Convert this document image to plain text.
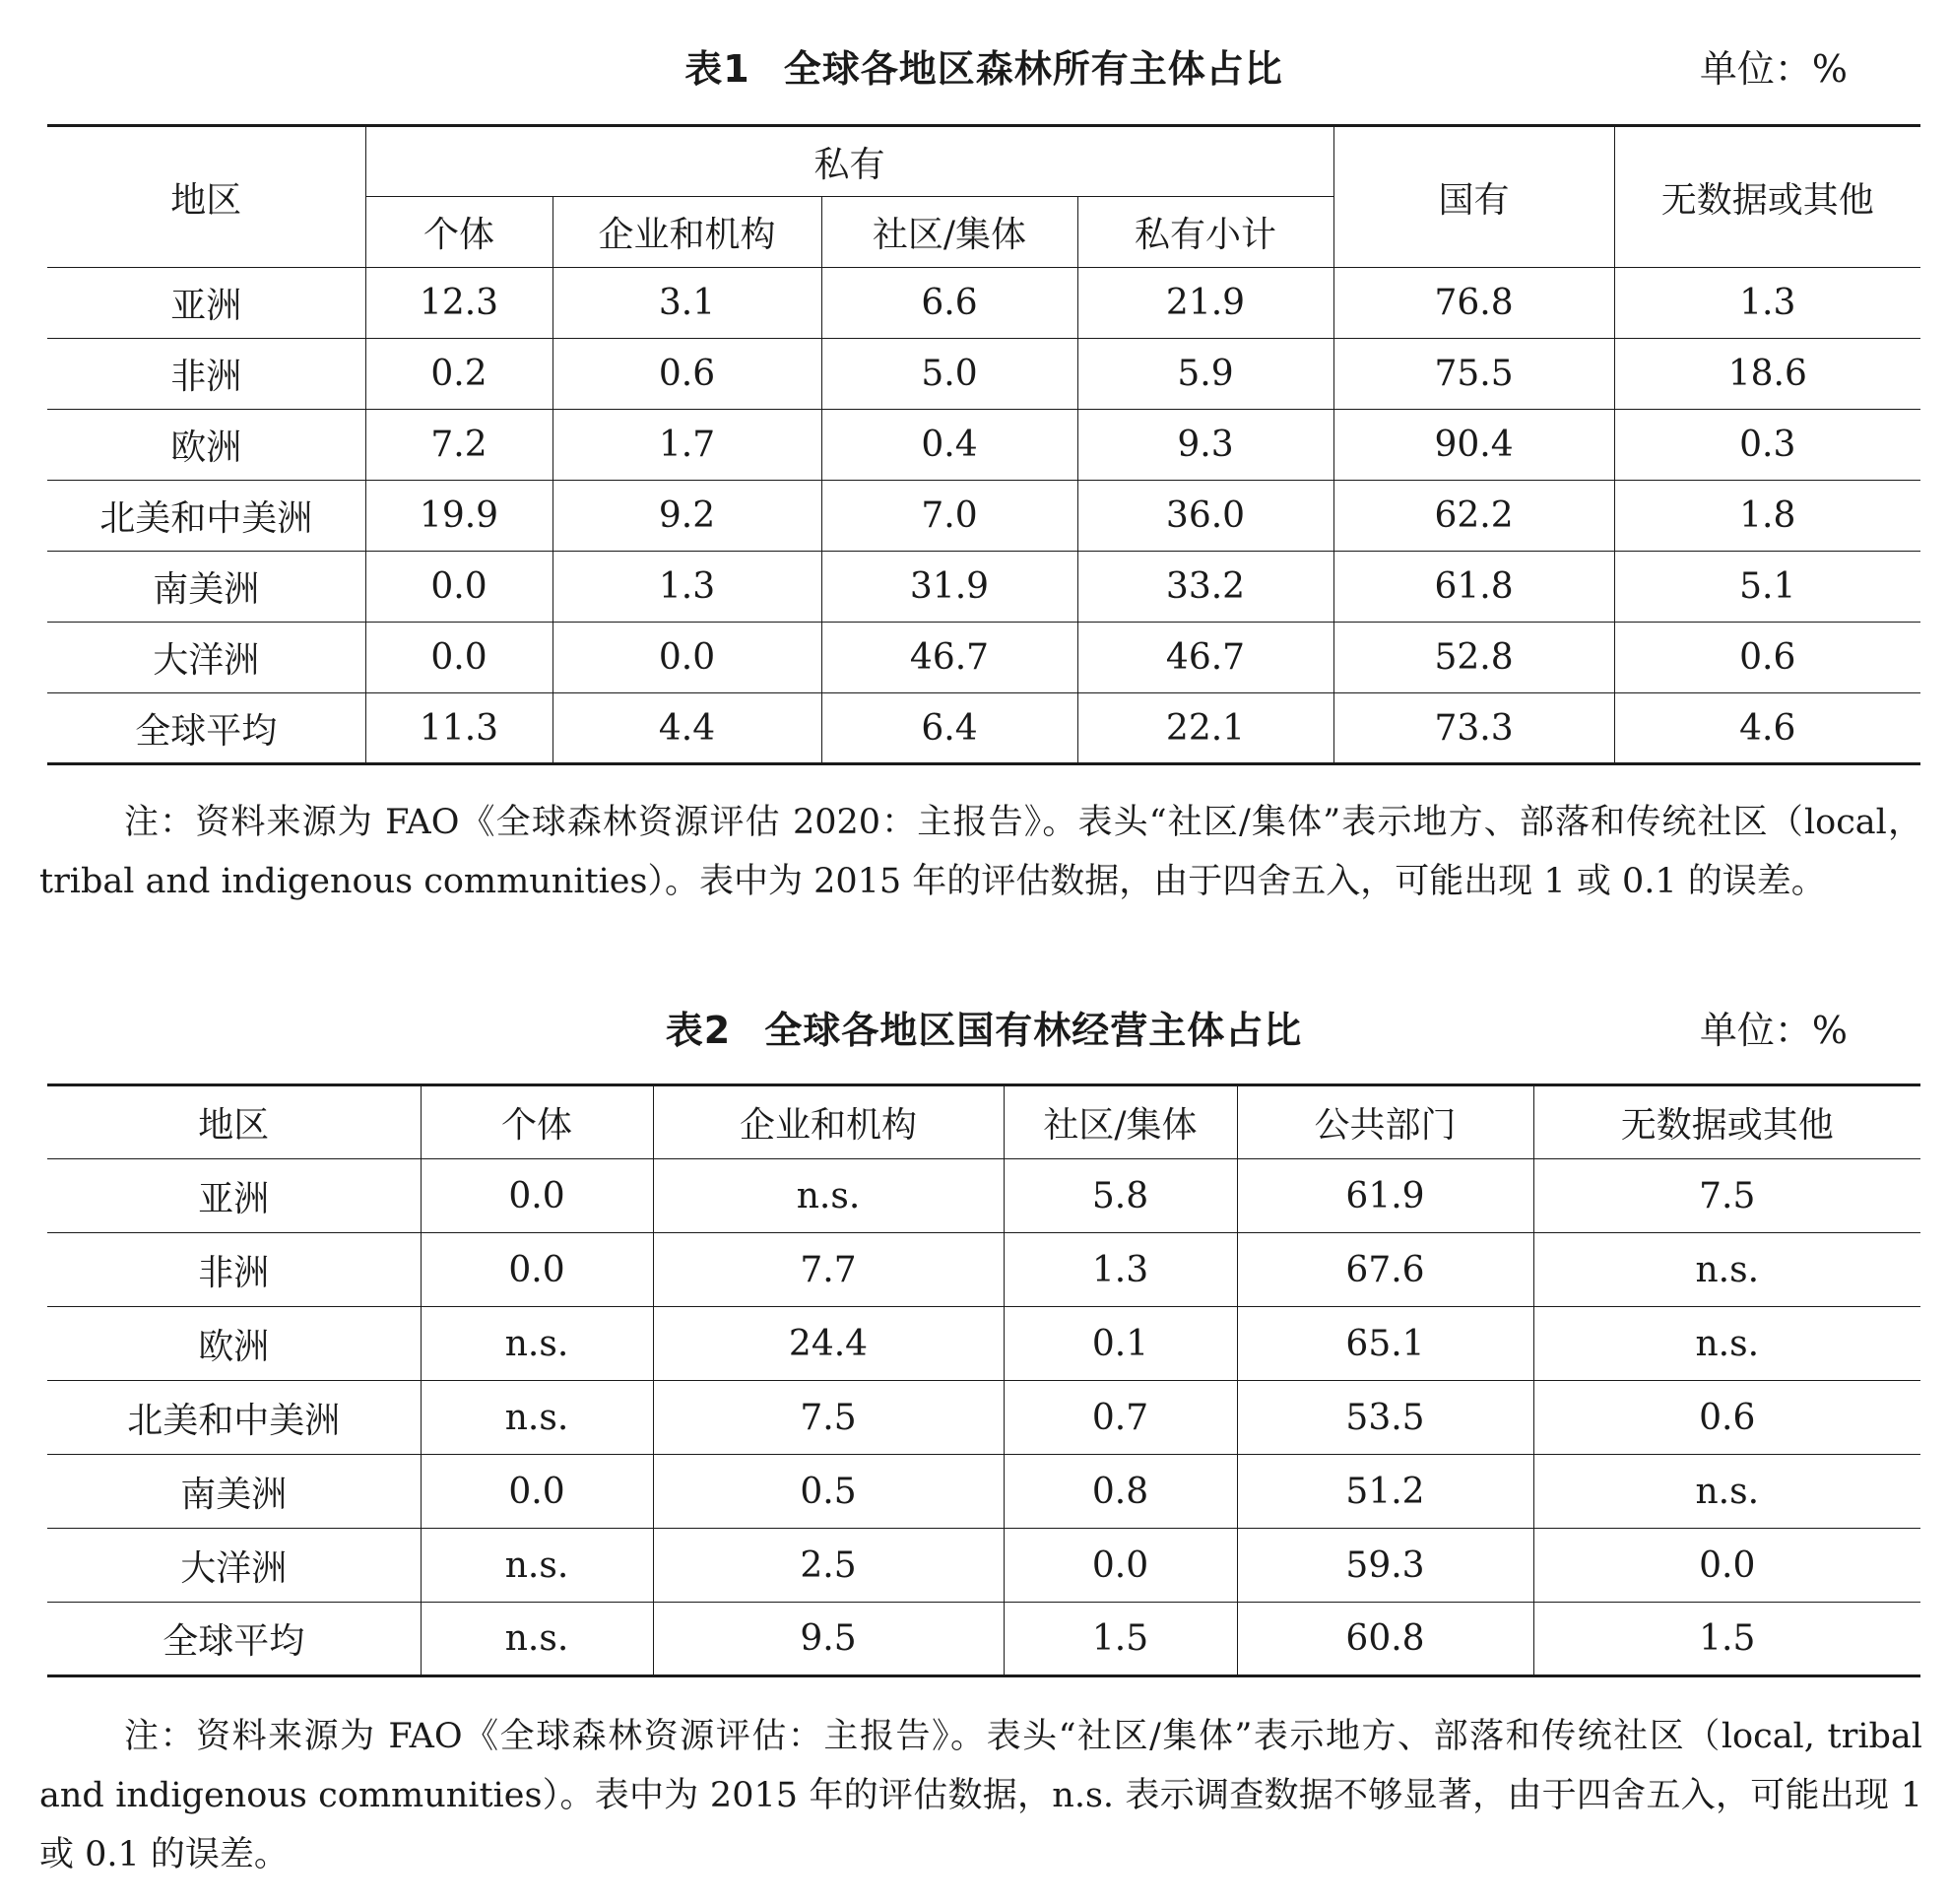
表1 全球各地区森林所有主体占比	单位：%
地区	私有				国有	无数据或其他
	个体	企业和机构	社区/集体	私有小计		
亚洲	12.3	3.1	6.6	21.9	76.8	1.3
非洲	0.2	0.6	5.0	5.9	75.5	18.6
欧洲	7.2	1.7	0.4	9.3	90.4	0.3
北美和中美洲	19.9	9.2	7.0	36.0	62.2	1.8
南美洲	0.0	1.3	31.9	33.2	61.8	5.1
大洋洲	0.0	0.0	46.7	46.7	52.8	0.6
全球平均	11.3	4.4	6.4	22.1	73.3	4.6

注：资料来源为 FAO《全球森林资源评估 2020：主报告》。表头“社区/集体”表示地方、部落和传统社区（local，tribal and indigenous communities）。表中为 2015 年的评估数据，由于四舍五入，可能出现 1 或 0.1 的误差。

表2 全球各地区国有林经营主体占比	单位：%
地区	个体	企业和机构	社区/集体	公共部门	无数据或其他
亚洲	0.0	n.s.	5.8	61.9	7.5
非洲	0.0	7.7	1.3	67.6	n.s.
欧洲	n.s.	24.4	0.1	65.1	n.s.
北美和中美洲	n.s.	7.5	0.7	53.5	0.6
南美洲	0.0	0.5	0.8	51.2	n.s.
大洋洲	n.s.	2.5	0.0	59.3	0.0
全球平均	n.s.	9.5	1.5	60.8	1.5

注：资料来源为 FAO《全球森林资源评估：主报告》。表头“社区/集体”表示地方、部落和传统社区（local, tribal and indigenous communities）。表中为 2015 年的评估数据，n.s. 表示调查数据不够显著，由于四舍五入，可能出现 1 或 0.1 的误差。
